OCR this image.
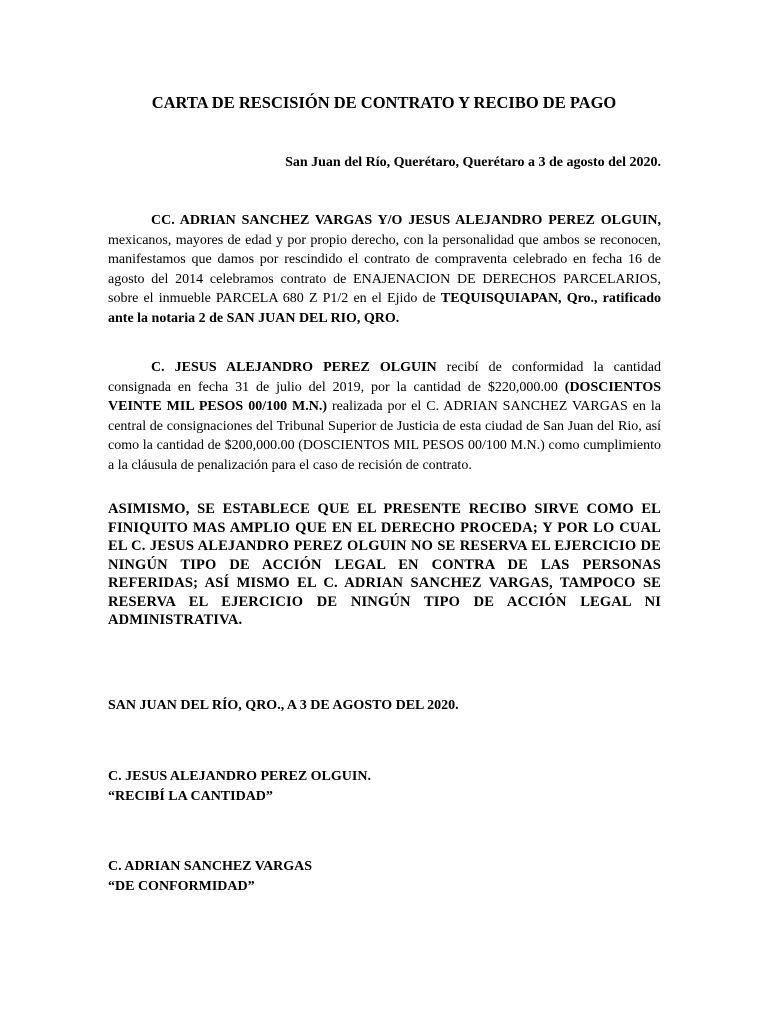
CARTA DE RESCISIÓN DE CONTRATO Y RECIBO DE PAGO
San Juan del Río, Querétaro, Querétaro a 3 de agosto del 2020.
CC. ADRIAN SANCHEZ VARGAS Y/O JESUS ALEJANDRO PEREZ OLGUIN, mexicanos, mayores de edad y por propio derecho, con la personalidad que ambos se reconocen, manifestamos que damos por rescindido el contrato de compraventa celebrado en fecha 16 de agosto del 2014 celebramos contrato de ENAJENACION DE DERECHOS PARCELARIOS, sobre el inmueble PARCELA 680 Z P1/2 en el Ejido de TEQUISQUIAPAN, Qro., ratificado ante la notaria 2 de SAN JUAN DEL RIO, QRO.
C. JESUS ALEJANDRO PEREZ OLGUIN recibí de conformidad la cantidad consignada en fecha 31 de julio del 2019, por la cantidad de $220,000.00 (DOSCIENTOS VEINTE MIL PESOS 00/100 M.N.) realizada por el C. ADRIAN SANCHEZ VARGAS en la central de consignaciones del Tribunal Superior de Justicia de esta ciudad de San Juan del Rio, así como la cantidad de $200,000.00 (DOSCIENTOS MIL PESOS 00/100 M.N.) como cumplimiento a la cláusula de penalización para el caso de recisión de contrato.
ASIMISMO, SE ESTABLECE QUE EL PRESENTE RECIBO SIRVE COMO EL FINIQUITO MAS AMPLIO QUE EN EL DERECHO PROCEDA; Y POR LO CUAL EL C. JESUS ALEJANDRO PEREZ OLGUIN NO SE RESERVA EL EJERCICIO DE NINGÚN TIPO DE ACCIÓN LEGAL EN CONTRA DE LAS PERSONAS REFERIDAS; ASÍ MISMO EL C. ADRIAN SANCHEZ VARGAS, TAMPOCO SE RESERVA EL EJERCICIO DE NINGÚN TIPO DE ACCIÓN LEGAL NI ADMINISTRATIVA.
SAN JUAN DEL RÍO, QRO., A 3 DE AGOSTO DEL 2020.
C. JESUS ALEJANDRO PEREZ OLGUIN.
“RECIBÍ LA CANTIDAD”
C. ADRIAN SANCHEZ VARGAS
“DE CONFORMIDAD”
